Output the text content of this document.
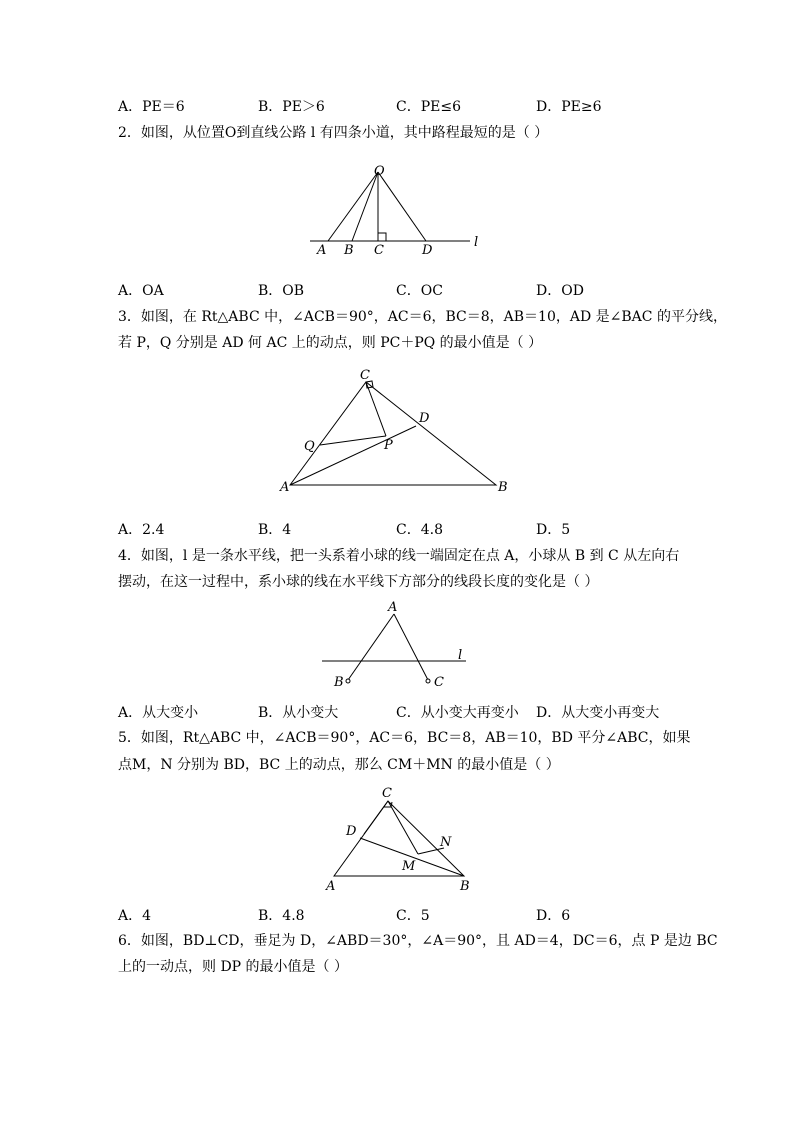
A．PE＝6	B．PE＞6	C．PE≤6	D．PE≥6
2．如图，从位置O到直线公路 l 有四条小道，其中路程最短的是（ ）
O
A B C	D
l
A．OA	B．OB	C．OC	D．OD
3．如图，在 Rt△ABC 中，∠ACB＝90°，AC＝6，BC＝8，AB＝10，AD 是∠BAC 的平分线，
若 P，Q 分别是 AD 何 AC 上的动点，则 PC＋PQ 的最小值是（ ）
C
D
Q	P
A	B
A．2.4	B．4	C．4.8	D．5
4．如图，l 是一条水平线，把一头系着小球的线一端固定在点 A，小球从 B 到 C 从左向右
摆动，在这一过程中，系小球的线在水平线下方部分的线段长度的变化是（ ）
A
B	C
l
A．从大变小	B．从小变大	C．从小变大再变小 D．从大变小再变大
5．如图，Rt△ABC 中，∠ACB＝90°，AC＝6，BC＝8，AB＝10，BD 平分∠ABC，如果
点M，N 分别为 BD，BC 上的动点，那么 CM＋MN 的最小值是（ ）
C
D
N
M
A	B
A．4	B．4.8	C．5	D．6
6．如图，BD⊥CD，垂足为 D，∠ABD＝30°，∠A＝90°，且 AD＝4，DC＝6，点 P 是边 BC
上的一动点，则 DP 的最小值是（ ）
